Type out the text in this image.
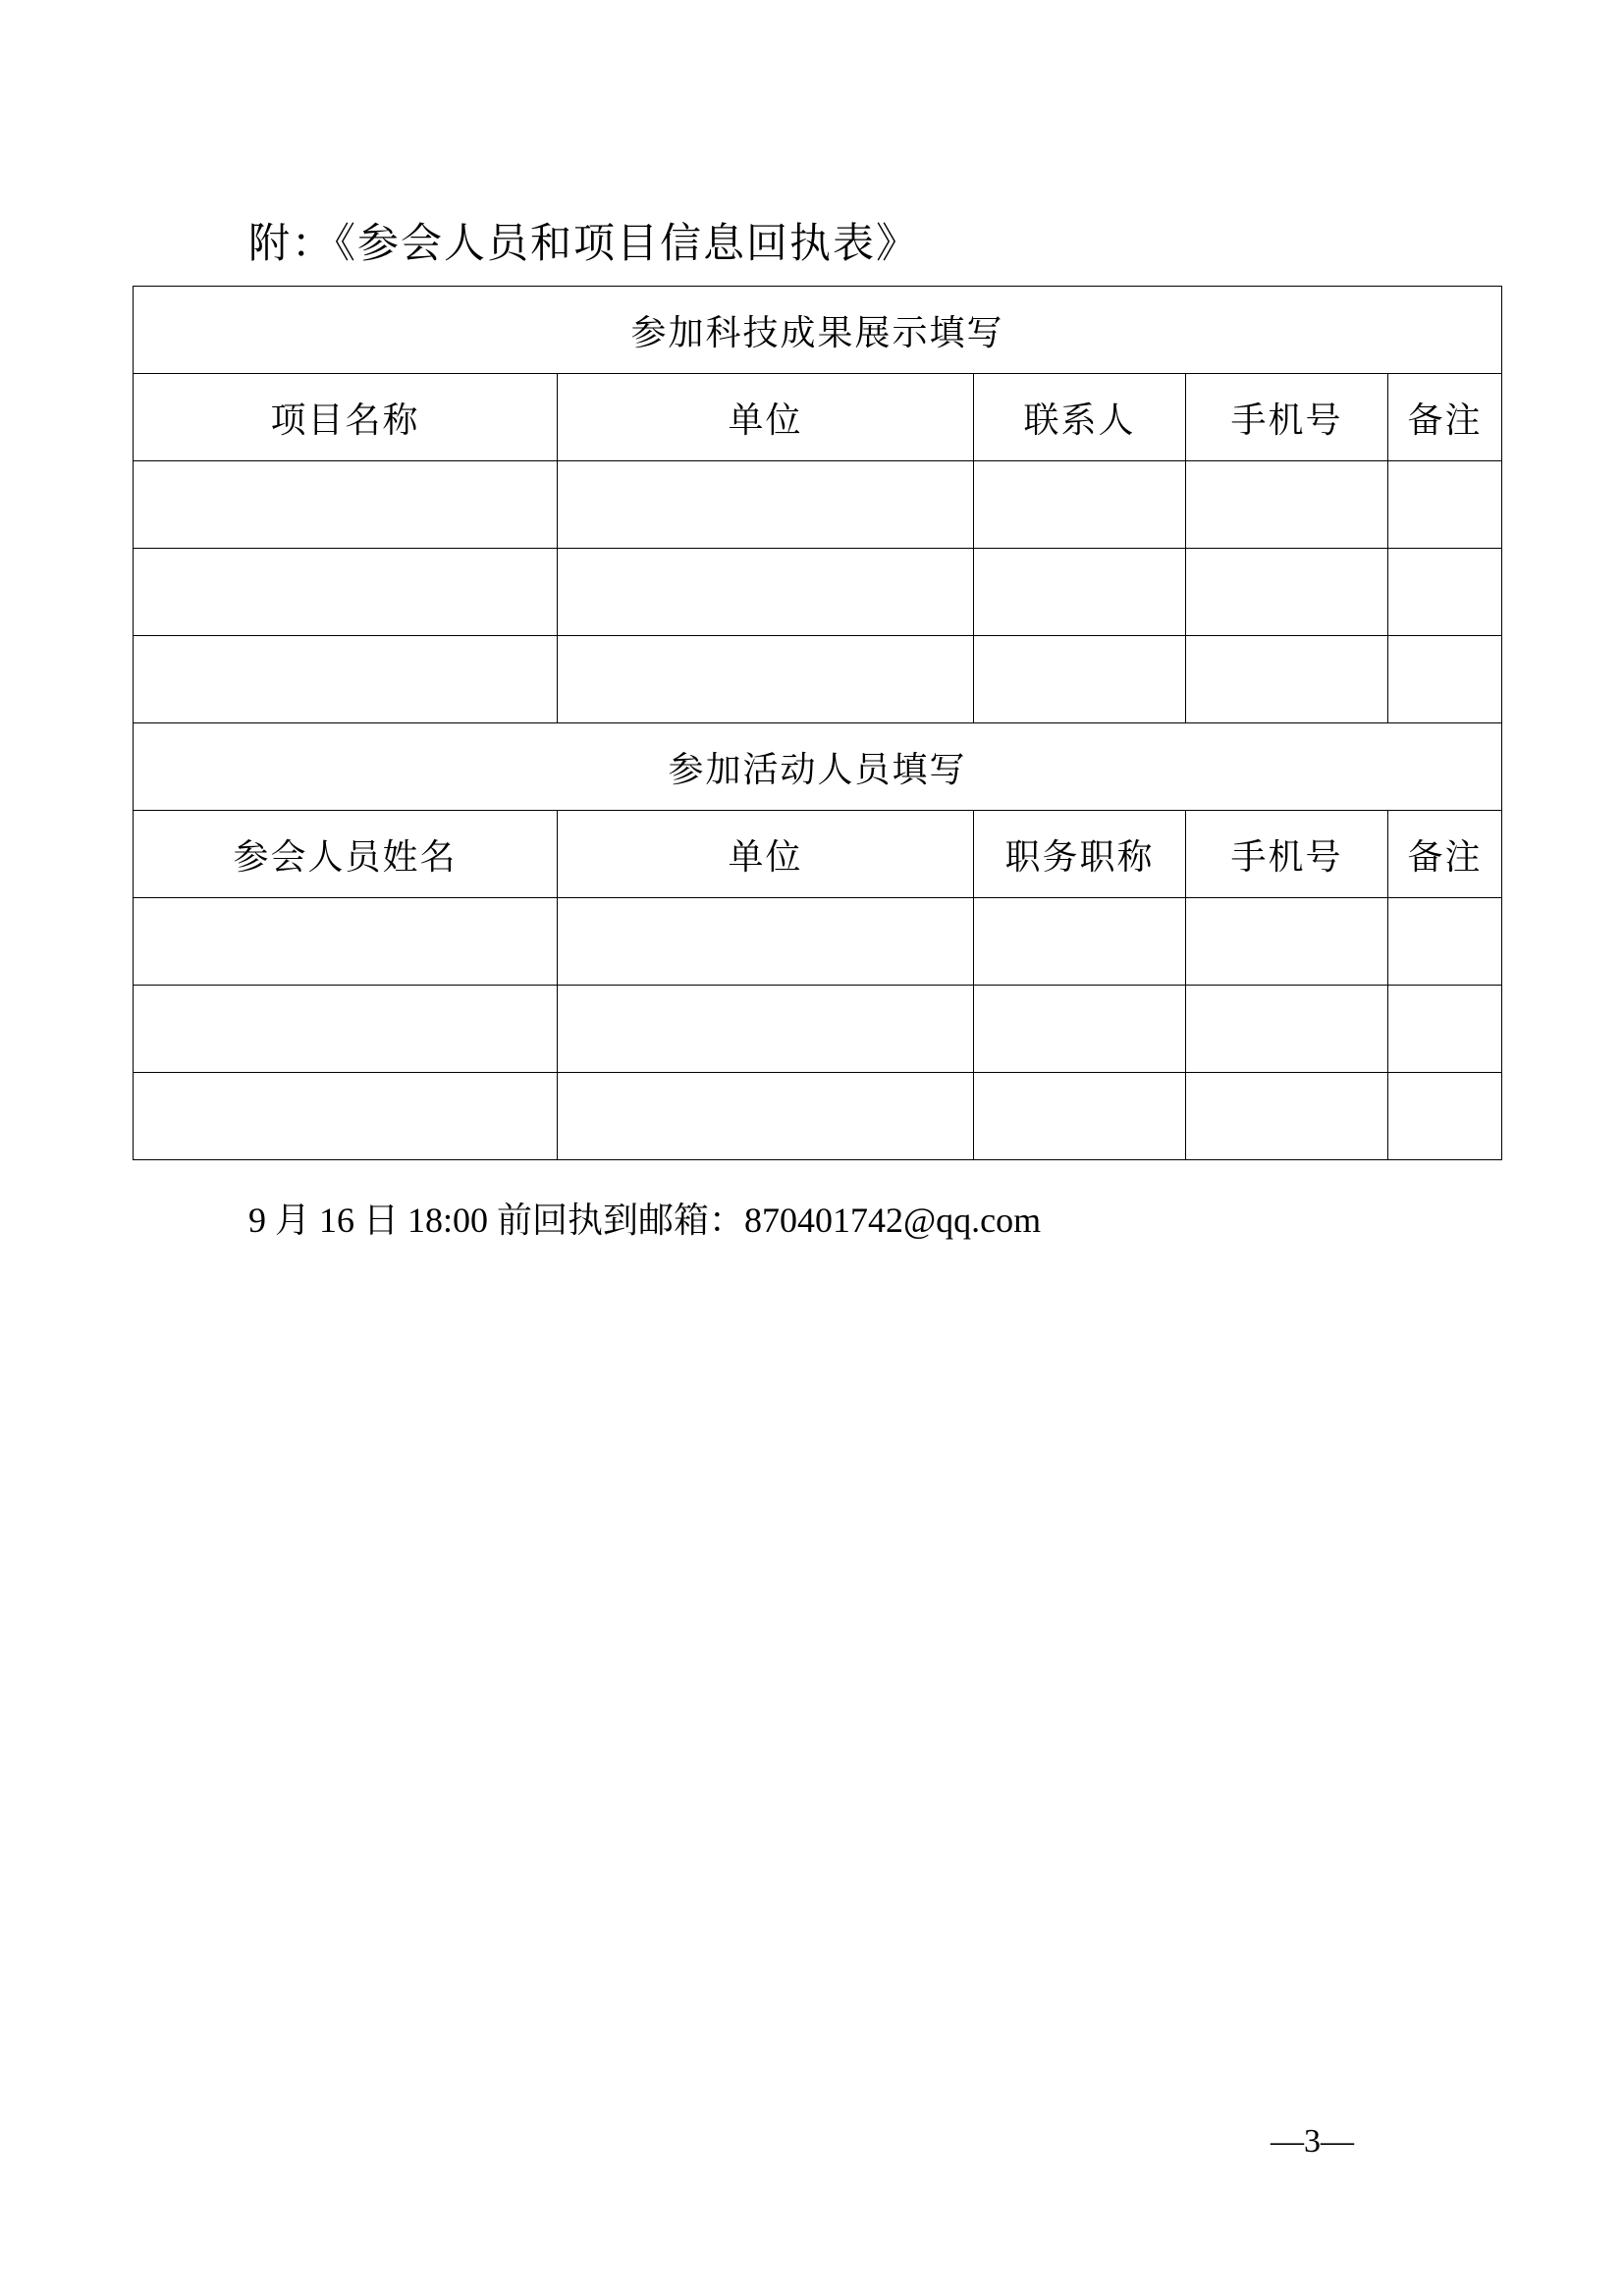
附：《参会人员和项目信息回执表》
参加科技成果展示填写				
项目名称	单位	联系人	手机号	备注

参加活动人员填写				
参会人员姓名	单位	职务职称	手机号	备注

9 月 16 日 18:00 前回执到邮箱：870401742@qq.com
—3—
